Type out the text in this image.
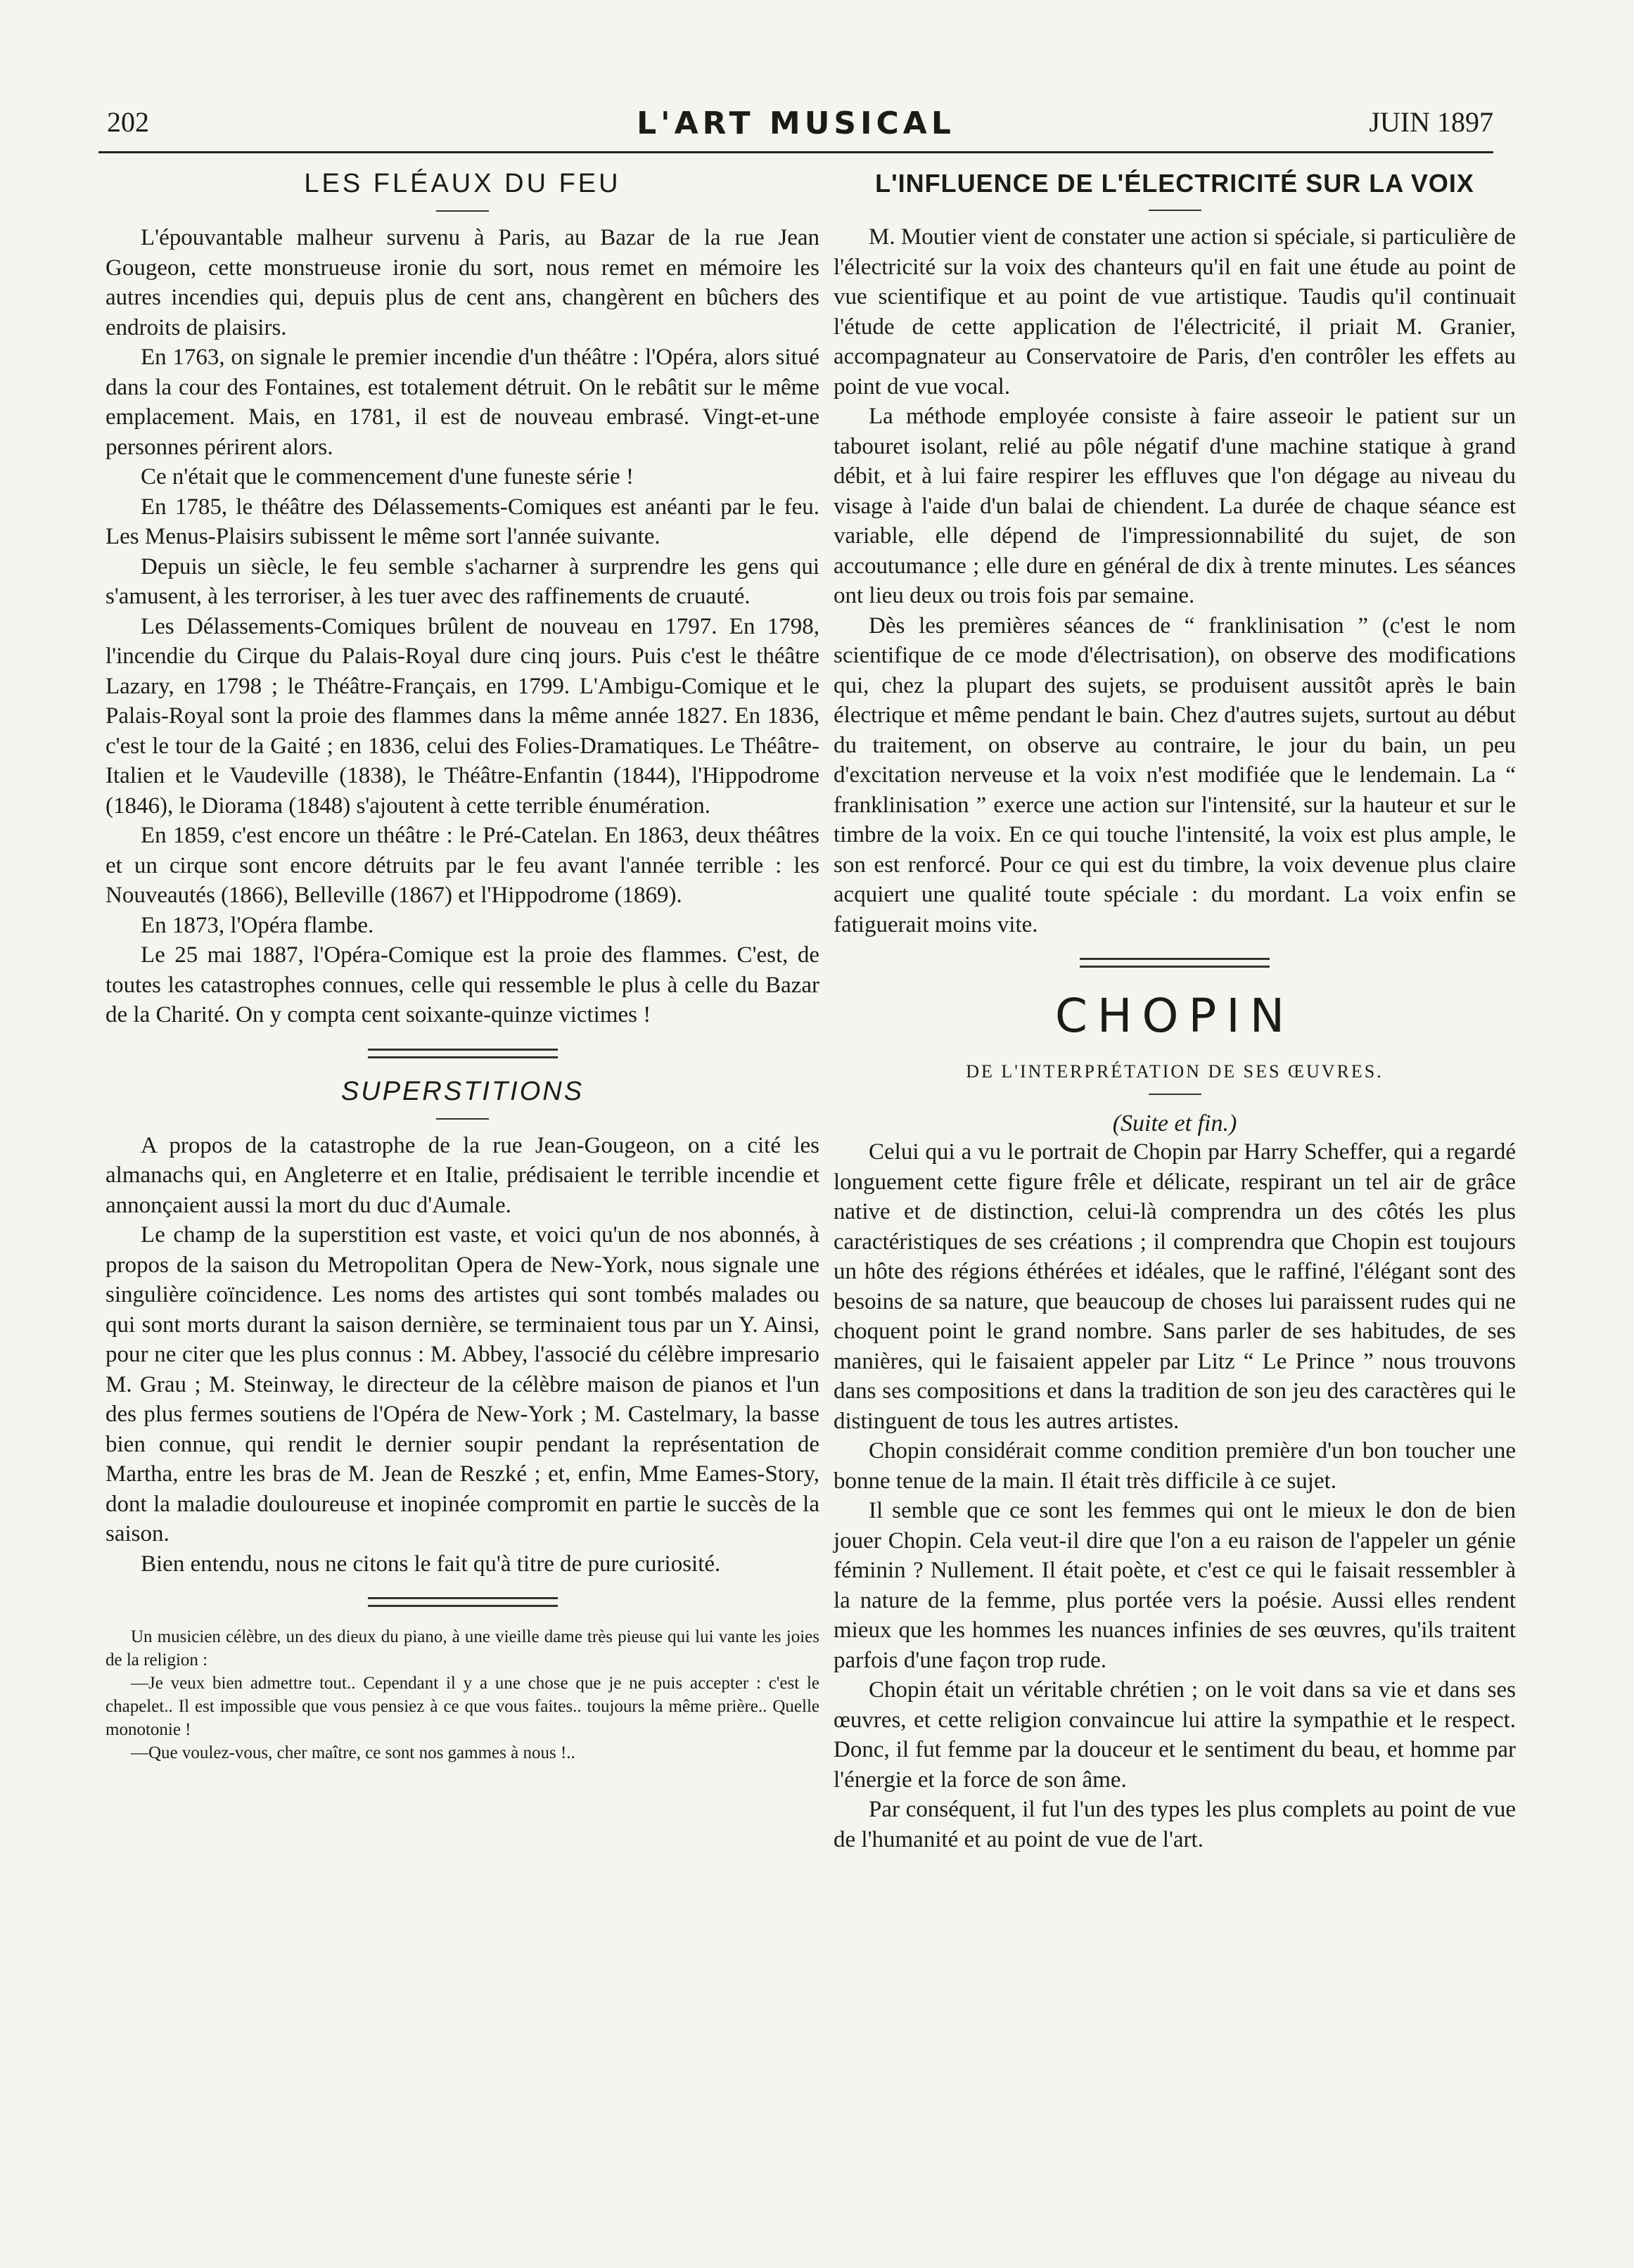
202	L'ART MUSICAL	JUIN 1897
LES FLÉAUX DU FEU

L'épouvantable malheur survenu à Paris, au Bazar de la rue Jean Gougeon, cette monstrueuse ironie du sort, nous remet en mémoire les autres incendies qui, depuis plus de cent ans, changèrent en bûchers des endroits de plaisirs.

En 1763, on signale le premier incendie d'un théâtre : l'Opéra, alors situé dans la cour des Fontaines, est totalement détruit. On le rebâtit sur le même emplacement. Mais, en 1781, il est de nouveau embrasé. Vingt-et-une personnes périrent alors.

Ce n'était que le commencement d'une funeste série !

En 1785, le théâtre des Délassements-Comiques est anéanti par le feu. Les Menus-Plaisirs subissent le même sort l'année suivante.

Depuis un siècle, le feu semble s'acharner à surprendre les gens qui s'amusent, à les terroriser, à les tuer avec des raffinements de cruauté.

Les Délassements-Comiques brûlent de nouveau en 1797. En 1798, l'incendie du Cirque du Palais-Royal dure cinq jours. Puis c'est le théâtre Lazary, en 1798 ; le Théâtre-Français, en 1799. L'Ambigu-Comique et le Palais-Royal sont la proie des flammes dans la même année 1827. En 1836, c'est le tour de la Gaité ; en 1836, celui des Folies-Dramatiques. Le Théâtre-Italien et le Vaudeville (1838), le Théâtre-Enfantin (1844), l'Hippodrome (1846), le Diorama (1848) s'ajoutent à cette terrible énumération.

En 1859, c'est encore un théâtre : le Pré-Catelan. En 1863, deux théâtres et un cirque sont encore détruits par le feu avant l'année terrible : les Nouveautés (1866), Belleville (1867) et l'Hippodrome (1869).

En 1873, l'Opéra flambe.

Le 25 mai 1887, l'Opéra-Comique est la proie des flammes. C'est, de toutes les catastrophes connues, celle qui ressemble le plus à celle du Bazar de la Charité. On y compta cent soixante-quinze victimes !

SUPERSTITIONS

A propos de la catastrophe de la rue Jean-Gougeon, on a cité les almanachs qui, en Angleterre et en Italie, prédisaient le terrible incendie et annonçaient aussi la mort du duc d'Aumale.

Le champ de la superstition est vaste, et voici qu'un de nos abonnés, à propos de la saison du Metropolitan Opera de New-York, nous signale une singulière coïncidence. Les noms des artistes qui sont tombés malades ou qui sont morts durant la saison dernière, se terminaient tous par un Y. Ainsi, pour ne citer que les plus connus : M. Abbey, l'associé du célèbre impresario M. Grau ; M. Steinway, le directeur de la célèbre maison de pianos et l'un des plus fermes soutiens de l'Opéra de New-York ; M. Castelmary, la basse bien connue, qui rendit le dernier soupir pendant la représentation de Martha, entre les bras de M. Jean de Reszké ; et, enfin, Mme Eames-Story, dont la maladie douloureuse et inopinée compromit en partie le succès de la saison.

Bien entendu, nous ne citons le fait qu'à titre de pure curiosité.

Un musicien célèbre, un des dieux du piano, à une vieille dame très pieuse qui lui vante les joies de la religion :

—Je veux bien admettre tout.. Cependant il y a une chose que je ne puis accepter : c'est le chapelet.. Il est impossible que vous pensiez à ce que vous faites.. toujours la même prière.. Quelle monotonie !

—Que voulez-vous, cher maître, ce sont nos gammes à nous !..

L'INFLUENCE DE L'ÉLECTRICITÉ SUR LA VOIX

M. Moutier vient de constater une action si spéciale, si particulière de l'électricité sur la voix des chanteurs qu'il en fait une étude au point de vue scientifique et au point de vue artistique. Taudis qu'il continuait l'étude de cette application de l'électricité, il priait M. Granier, accompagnateur au Conservatoire de Paris, d'en contrôler les effets au point de vue vocal.

La méthode employée consiste à faire asseoir le patient sur un tabouret isolant, relié au pôle négatif d'une machine statique à grand débit, et à lui faire respirer les effluves que l'on dégage au niveau du visage à l'aide d'un balai de chiendent. La durée de chaque séance est variable, elle dépend de l'impressionnabilité du sujet, de son accoutumance ; elle dure en général de dix à trente minutes. Les séances ont lieu deux ou trois fois par semaine.

Dès les premières séances de “ franklinisation ” (c'est le nom scientifique de ce mode d'électrisation), on observe des modifications qui, chez la plupart des sujets, se produisent aussitôt après le bain électrique et même pendant le bain. Chez d'autres sujets, surtout au début du traitement, on observe au contraire, le jour du bain, un peu d'excitation nerveuse et la voix n'est modifiée que le lendemain. La “ franklinisation ” exerce une action sur l'intensité, sur la hauteur et sur le timbre de la voix. En ce qui touche l'intensité, la voix est plus ample, le son est renforcé. Pour ce qui est du timbre, la voix devenue plus claire acquiert une qualité toute spéciale : du mordant. La voix enfin se fatiguerait moins vite.

CHOPIN
DE L'INTERPRÉTATION DE SES ŒUVRES.
(Suite et fin.)

Celui qui a vu le portrait de Chopin par Harry Scheffer, qui a regardé longuement cette figure frêle et délicate, respirant un tel air de grâce native et de distinction, celui-là comprendra un des côtés les plus caractéristiques de ses créations ; il comprendra que Chopin est toujours un hôte des régions éthérées et idéales, que le raffiné, l'élégant sont des besoins de sa nature, que beaucoup de choses lui paraissent rudes qui ne choquent point le grand nombre. Sans parler de ses habitudes, de ses manières, qui le faisaient appeler par Litz “ Le Prince ” nous trouvons dans ses compositions et dans la tradition de son jeu des caractères qui le distinguent de tous les autres artistes.

Chopin considérait comme condition première d'un bon toucher une bonne tenue de la main. Il était très difficile à ce sujet.

Il semble que ce sont les femmes qui ont le mieux le don de bien jouer Chopin. Cela veut-il dire que l'on a eu raison de l'appeler un génie féminin ? Nullement. Il était poète, et c'est ce qui le faisait ressembler à la nature de la femme, plus portée vers la poésie. Aussi elles rendent mieux que les hommes les nuances infinies de ses œuvres, qu'ils traitent parfois d'une façon trop rude.

Chopin était un véritable chrétien ; on le voit dans sa vie et dans ses œuvres, et cette religion convaincue lui attire la sympathie et le respect. Donc, il fut femme par la douceur et le sentiment du beau, et homme par l'énergie et la force de son âme.

Par conséquent, il fut l'un des types les plus complets au point de vue de l'humanité et au point de vue de l'art.
